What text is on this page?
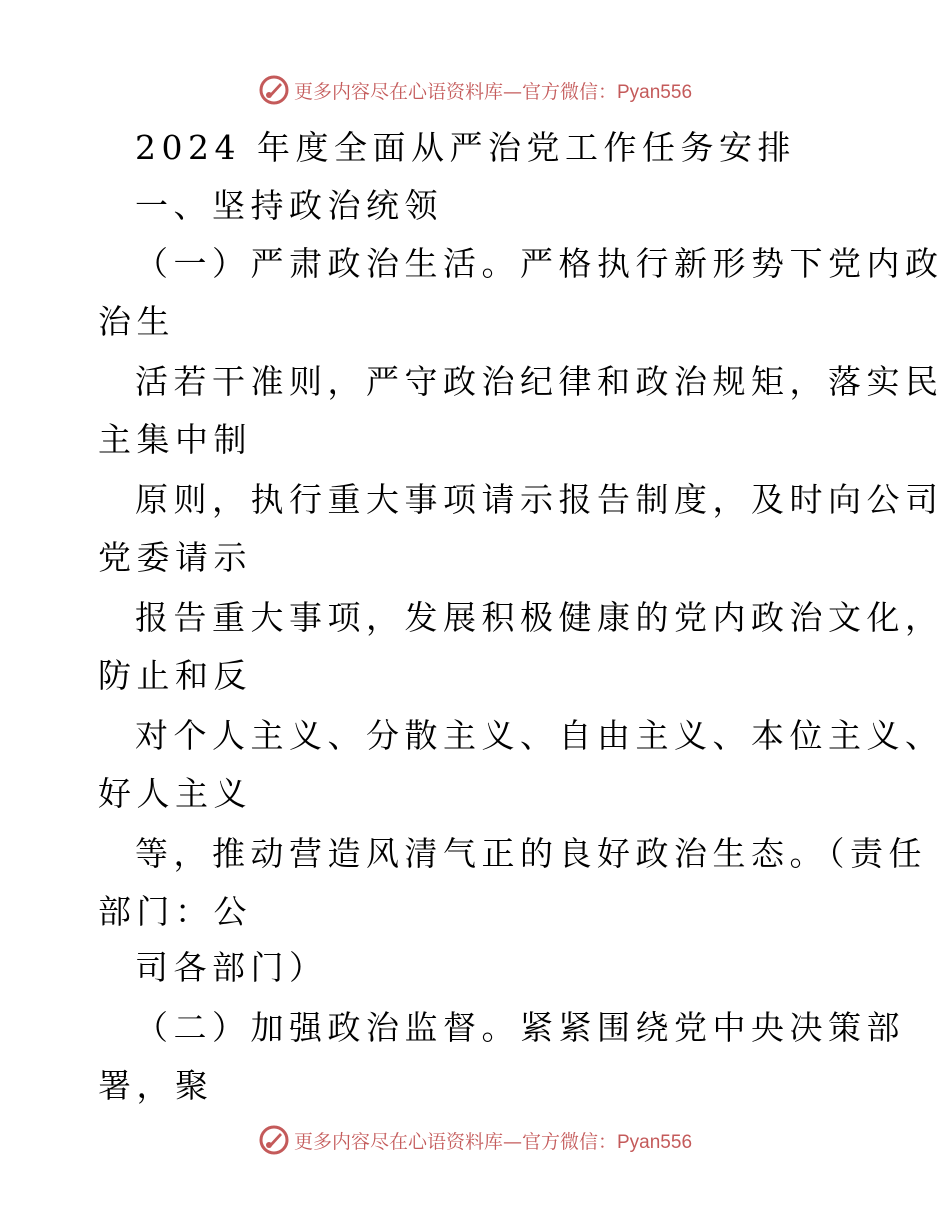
更多内容尽在心语资料库—官方微信：Pyan556
2024 年度全面从严治党工作任务安排
一、坚持政治统领
（一）严肃政治生活。严格执行新形势下党内政
治生
活若干准则，严守政治纪律和政治规矩，落实民
主集中制
原则，执行重大事项请示报告制度，及时向公司
党委请示
报告重大事项，发展积极健康的党内政治文化，
防止和反
对个人主义、分散主义、自由主义、本位主义、
好人主义
等，推动营造风清气正的良好政治生态。（责任
部门：公
司各部门）
（二）加强政治监督。紧紧围绕党中央决策部
署，聚
更多内容尽在心语资料库—官方微信：Pyan556
